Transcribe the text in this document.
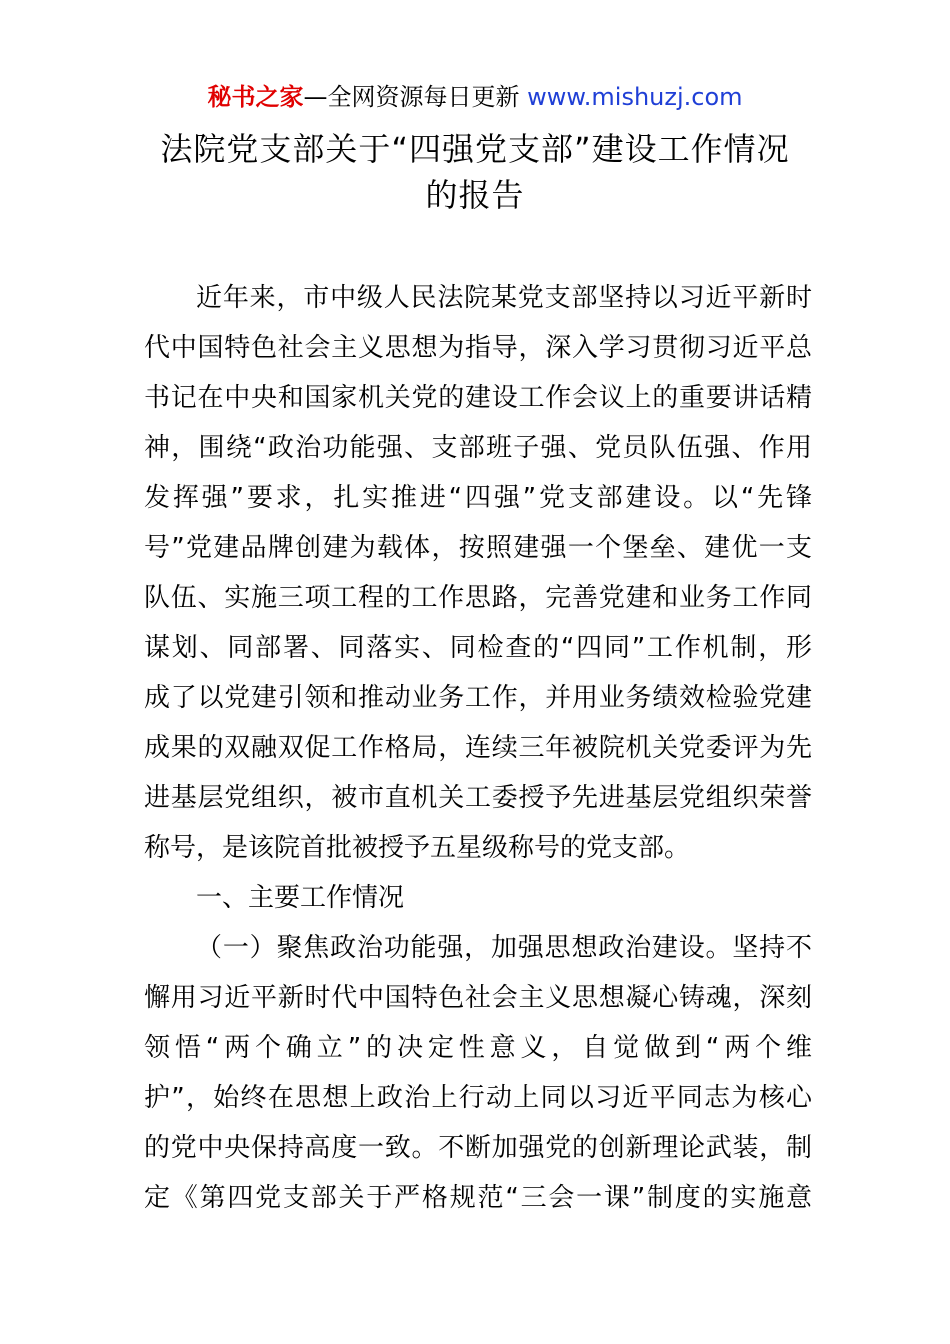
秘书之家—全网资源每日更新 www.mishuzj.com
法院党支部关于“四强党支部”建设工作情况
的报告
近年来，市中级人民法院某党支部坚持以习近平新时
代中国特色社会主义思想为指导，深入学习贯彻习近平总
书记在中央和国家机关党的建设工作会议上的重要讲话精
神，围绕“政治功能强、支部班子强、党员队伍强、作用
发挥强”要求，扎实推进“四强”党支部建设。以“先锋
号”党建品牌创建为载体，按照建强一个堡垒、建优一支
队伍、实施三项工程的工作思路，完善党建和业务工作同
谋划、同部署、同落实、同检查的“四同”工作机制，形
成了以党建引领和推动业务工作，并用业务绩效检验党建
成果的双融双促工作格局，连续三年被院机关党委评为先
进基层党组织，被市直机关工委授予先进基层党组织荣誉
称号，是该院首批被授予五星级称号的党支部。
一、主要工作情况
（一）聚焦政治功能强，加强思想政治建设。坚持不
懈用习近平新时代中国特色社会主义思想凝心铸魂，深刻
领悟“两个确立”的决定性意义，自觉做到“两个维
护”，始终在思想上政治上行动上同以习近平同志为核心
的党中央保持高度一致。不断加强党的创新理论武装，制
定《第四党支部关于严格规范“三会一课”制度的实施意
